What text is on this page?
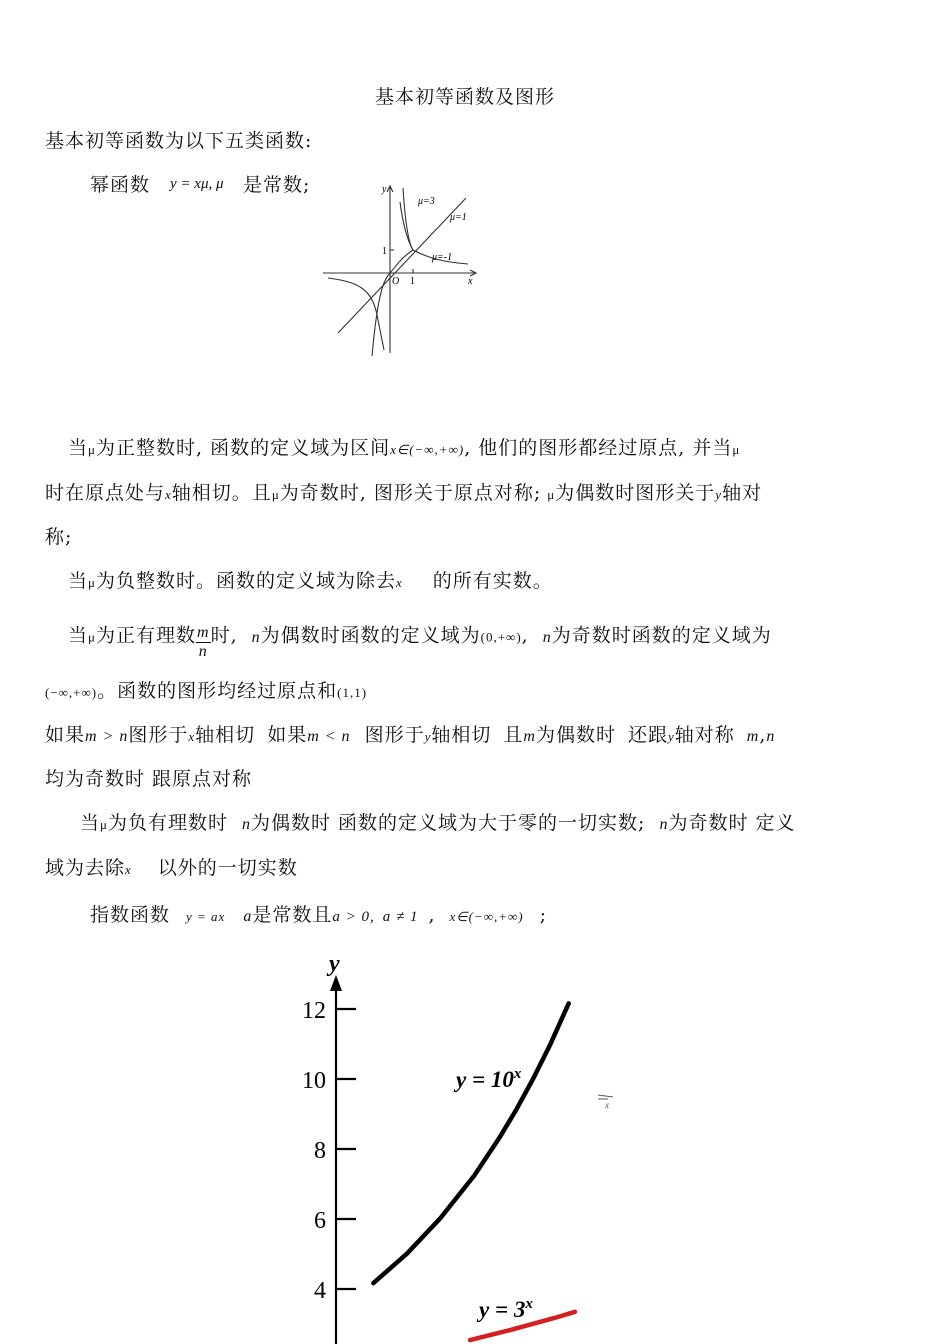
基本初等函数及图形
基本初等函数为以下五类函数:
幂函数 y = xμ, μ 是常数;	y
x
O
1
1
μ=3
μ=1
μ=-1
当μ为正整数时, 函数的定义域为区间x∈(−∞,+∞), 他们的图形都经过原点, 并当μ
时在原点处与x轴相切。且μ为奇数时, 图形关于原点对称; μ为偶数时图形关于y轴对
称;
当μ为负整数时。函数的定义域为除去x 的所有实数。
当μ为正有理数 $\frac{m}{n}$ 时, n为偶数时函数的定义域为(0,+∞), n为奇数时函数的定义域为
(−∞,+∞)。函数的图形均经过原点和(1,1)
如果m > n图形于x轴相切 如果m < n 图形于y轴相切 且m为偶数时 还跟y轴对称 m,n
均为奇数时 跟原点对称
当μ为负有理数时 n为偶数时 函数的定义域为大于零的一切实数; n为奇数时 定义
域为去除x 以外的一切实数
指数函数 y = ax a是常数且a > 0, a ≠ 1 , x∈(−∞,+∞) ;
4
6
8
10
12
y
$y = 10^x$
$y = 3^x$
x
